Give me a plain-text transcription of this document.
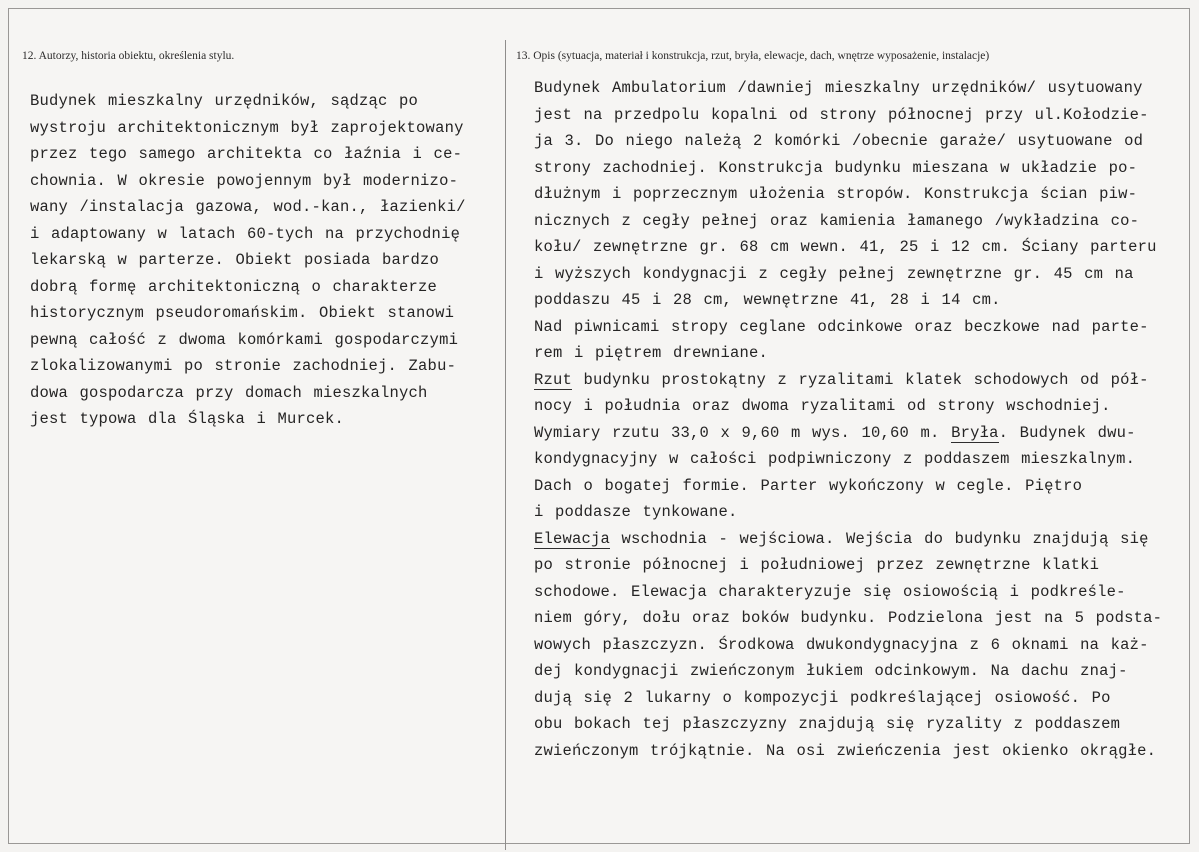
12. Autorzy, historia obiektu, określenia stylu.	13. Opis (sytuacja, materiał i konstrukcja, rzut, bryła, elewacje, dach, wnętrze wyposażenie, instalacje)
Budynek mieszkalny urzędników, sądząc po
wystroju architektonicznym był zaprojektowany
przez tego samego architekta co łaźnia i ce-
chownia. W okresie powojennym był modernizo-
wany /instalacja gazowa, wod.-kan., łazienki/
i adaptowany w latach 60-tych na przychodnię
lekarską w parterze. Obiekt posiada bardzo
dobrą formę architektoniczną o charakterze
historycznym pseudoromańskim. Obiekt stanowi
pewną całość z dwoma komórkami gospodarczymi
zlokalizowanymi po stronie zachodniej. Zabu-
dowa gospodarcza przy domach mieszkalnych
jest typowa dla Śląska i Murcek.
Budynek Ambulatorium /dawniej mieszkalny urzędników/ usytuowany
jest na przedpolu kopalni od strony północnej przy ul.Kołodzie-
ja 3. Do niego należą 2 komórki /obecnie garaże/ usytuowane od
strony zachodniej. Konstrukcja budynku mieszana w układzie po-
dłużnym i poprzecznym ułożenia stropów. Konstrukcja ścian piw-
nicznych z cegły pełnej oraz kamienia łamanego /wykładzina co-
kołu/ zewnętrzne gr. 68 cm wewn. 41, 25 i 12 cm. Ściany parteru
i wyższych kondygnacji z cegły pełnej zewnętrzne gr. 45 cm na
poddaszu 45 i 28 cm, wewnętrzne 41, 28 i 14 cm.
Nad piwnicami stropy ceglane odcinkowe oraz beczkowe nad parte-
rem i piętrem drewniane.
Rzut budynku prostokątny z ryzalitami klatek schodowych od pół-
nocy i południa oraz dwoma ryzalitami od strony wschodniej.
Wymiary rzutu 33,0 x 9,60 m wys. 10,60 m. Bryła. Budynek dwu-
kondygnacyjny w całości podpiwniczony z poddaszem mieszkalnym.
Dach o bogatej formie. Parter wykończony w cegle. Piętro
i poddasze tynkowane.
Elewacja wschodnia - wejściowa. Wejścia do budynku znajdują się
po stronie północnej i południowej przez zewnętrzne klatki
schodowe. Elewacja charakteryzuje się osiowością i podkreśle-
niem góry, dołu oraz boków budynku. Podzielona jest na 5 podsta-
wowych płaszczyzn. Środkowa dwukondygnacyjna z 6 oknami na każ-
dej kondygnacji zwieńczonym łukiem odcinkowym. Na dachu znaj-
dują się 2 lukarny o kompozycji podkreślającej osiowość. Po
obu bokach tej płaszczyzny znajdują się ryzality z poddaszem
zwieńczonym trójkątnie. Na osi zwieńczenia jest okienko okrągłe.
